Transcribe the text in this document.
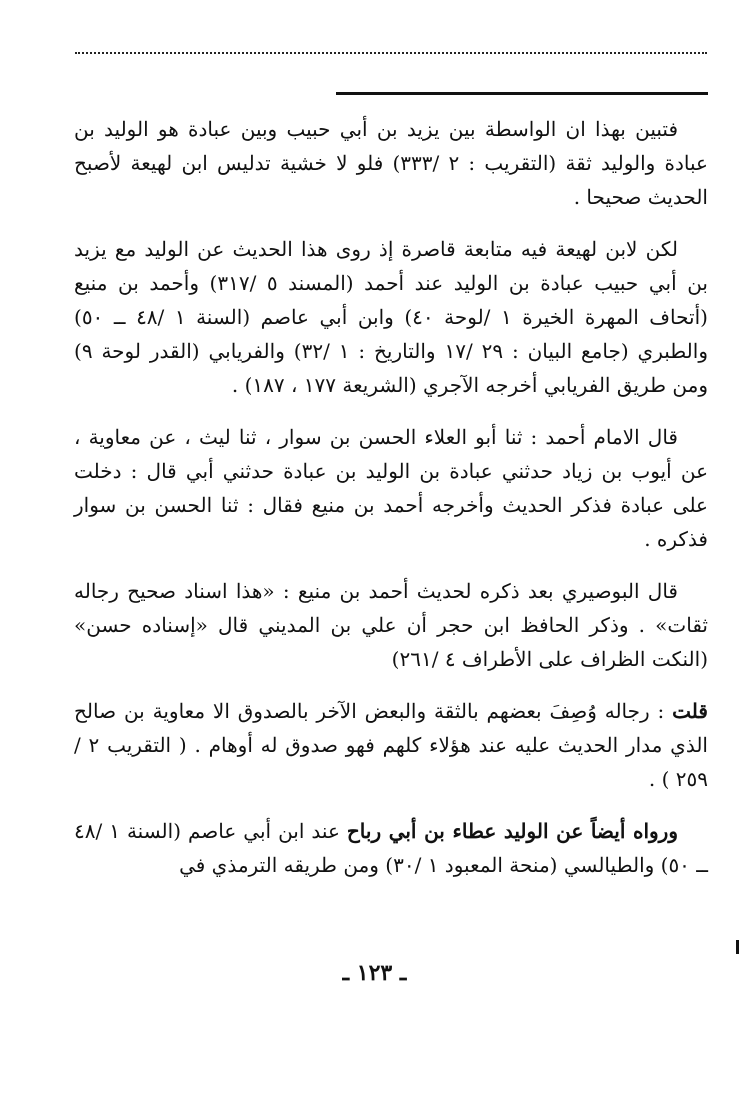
فتبين بهذا ان الواسطة بين يزيد بن أبي حبيب وبين عبادة هو الوليد بن عبادة والوليد ثقة (التقريب : ٢ /٣٣٣) فلو لا خشية تدليس ابن لهيعة لأصبح الحديث صحيحا .

لكن لابن لهيعة فيه متابعة قاصرة إذ روى هذا الحديث عن الوليد مع يزيد بن أبي حبيب عبادة بن الوليد عند أحمد (المسند ٥ /٣١٧) وأحمد بن منيع (أتحاف المهرة الخيرة ١ /لوحة ٤٠) وابن أبي عاصم (السنة ١ /٤٨ ــ ٥٠) والطبري (جامع البيان : ٢٩ /١٧ والتاريخ : ١ /٣٢) والفريابي (القدر لوحة ٩) ومن طريق الفريابي أخرجه الآجري (الشريعة ١٧٧ ، ١٨٧) .

قال الامام أحمد : ثنا أبو العلاء الحسن بن سوار ، ثنا ليث ، عن معاوية ، عن أيوب بن زياد حدثني عبادة بن الوليد بن عبادة حدثني أبي قال : دخلت على عبادة فذكر الحديث وأخرجه أحمد بن منيع فقال : ثنا الحسن بن سوار فذكره .

قال البوصيري بعد ذكره لحديث أحمد بن منيع : «هذا اسناد صحيح رجاله ثقات» . وذكر الحافظ ابن حجر أن علي بن المديني قال «إسناده حسن» (النكت الظراف على الأطراف ٤ /٢٦١)

قلت : رجاله وُصِفَ بعضهم بالثقة والبعض الآخر بالصدوق الا معاوية بن صالح الذي مدار الحديث عليه عند هؤلاء كلهم فهو صدوق له أوهام . ( التقريب ٢ /٢٥٩ ) .

ورواه أيضاً عن الوليد عطاء بن أبي رباح عند ابن أبي عاصم (السنة ١ /٤٨ ــ ٥٠) والطيالسي (منحة المعبود ١ /٣٠) ومن طريقه الترمذي في

ـ ١٢٣ ـ
